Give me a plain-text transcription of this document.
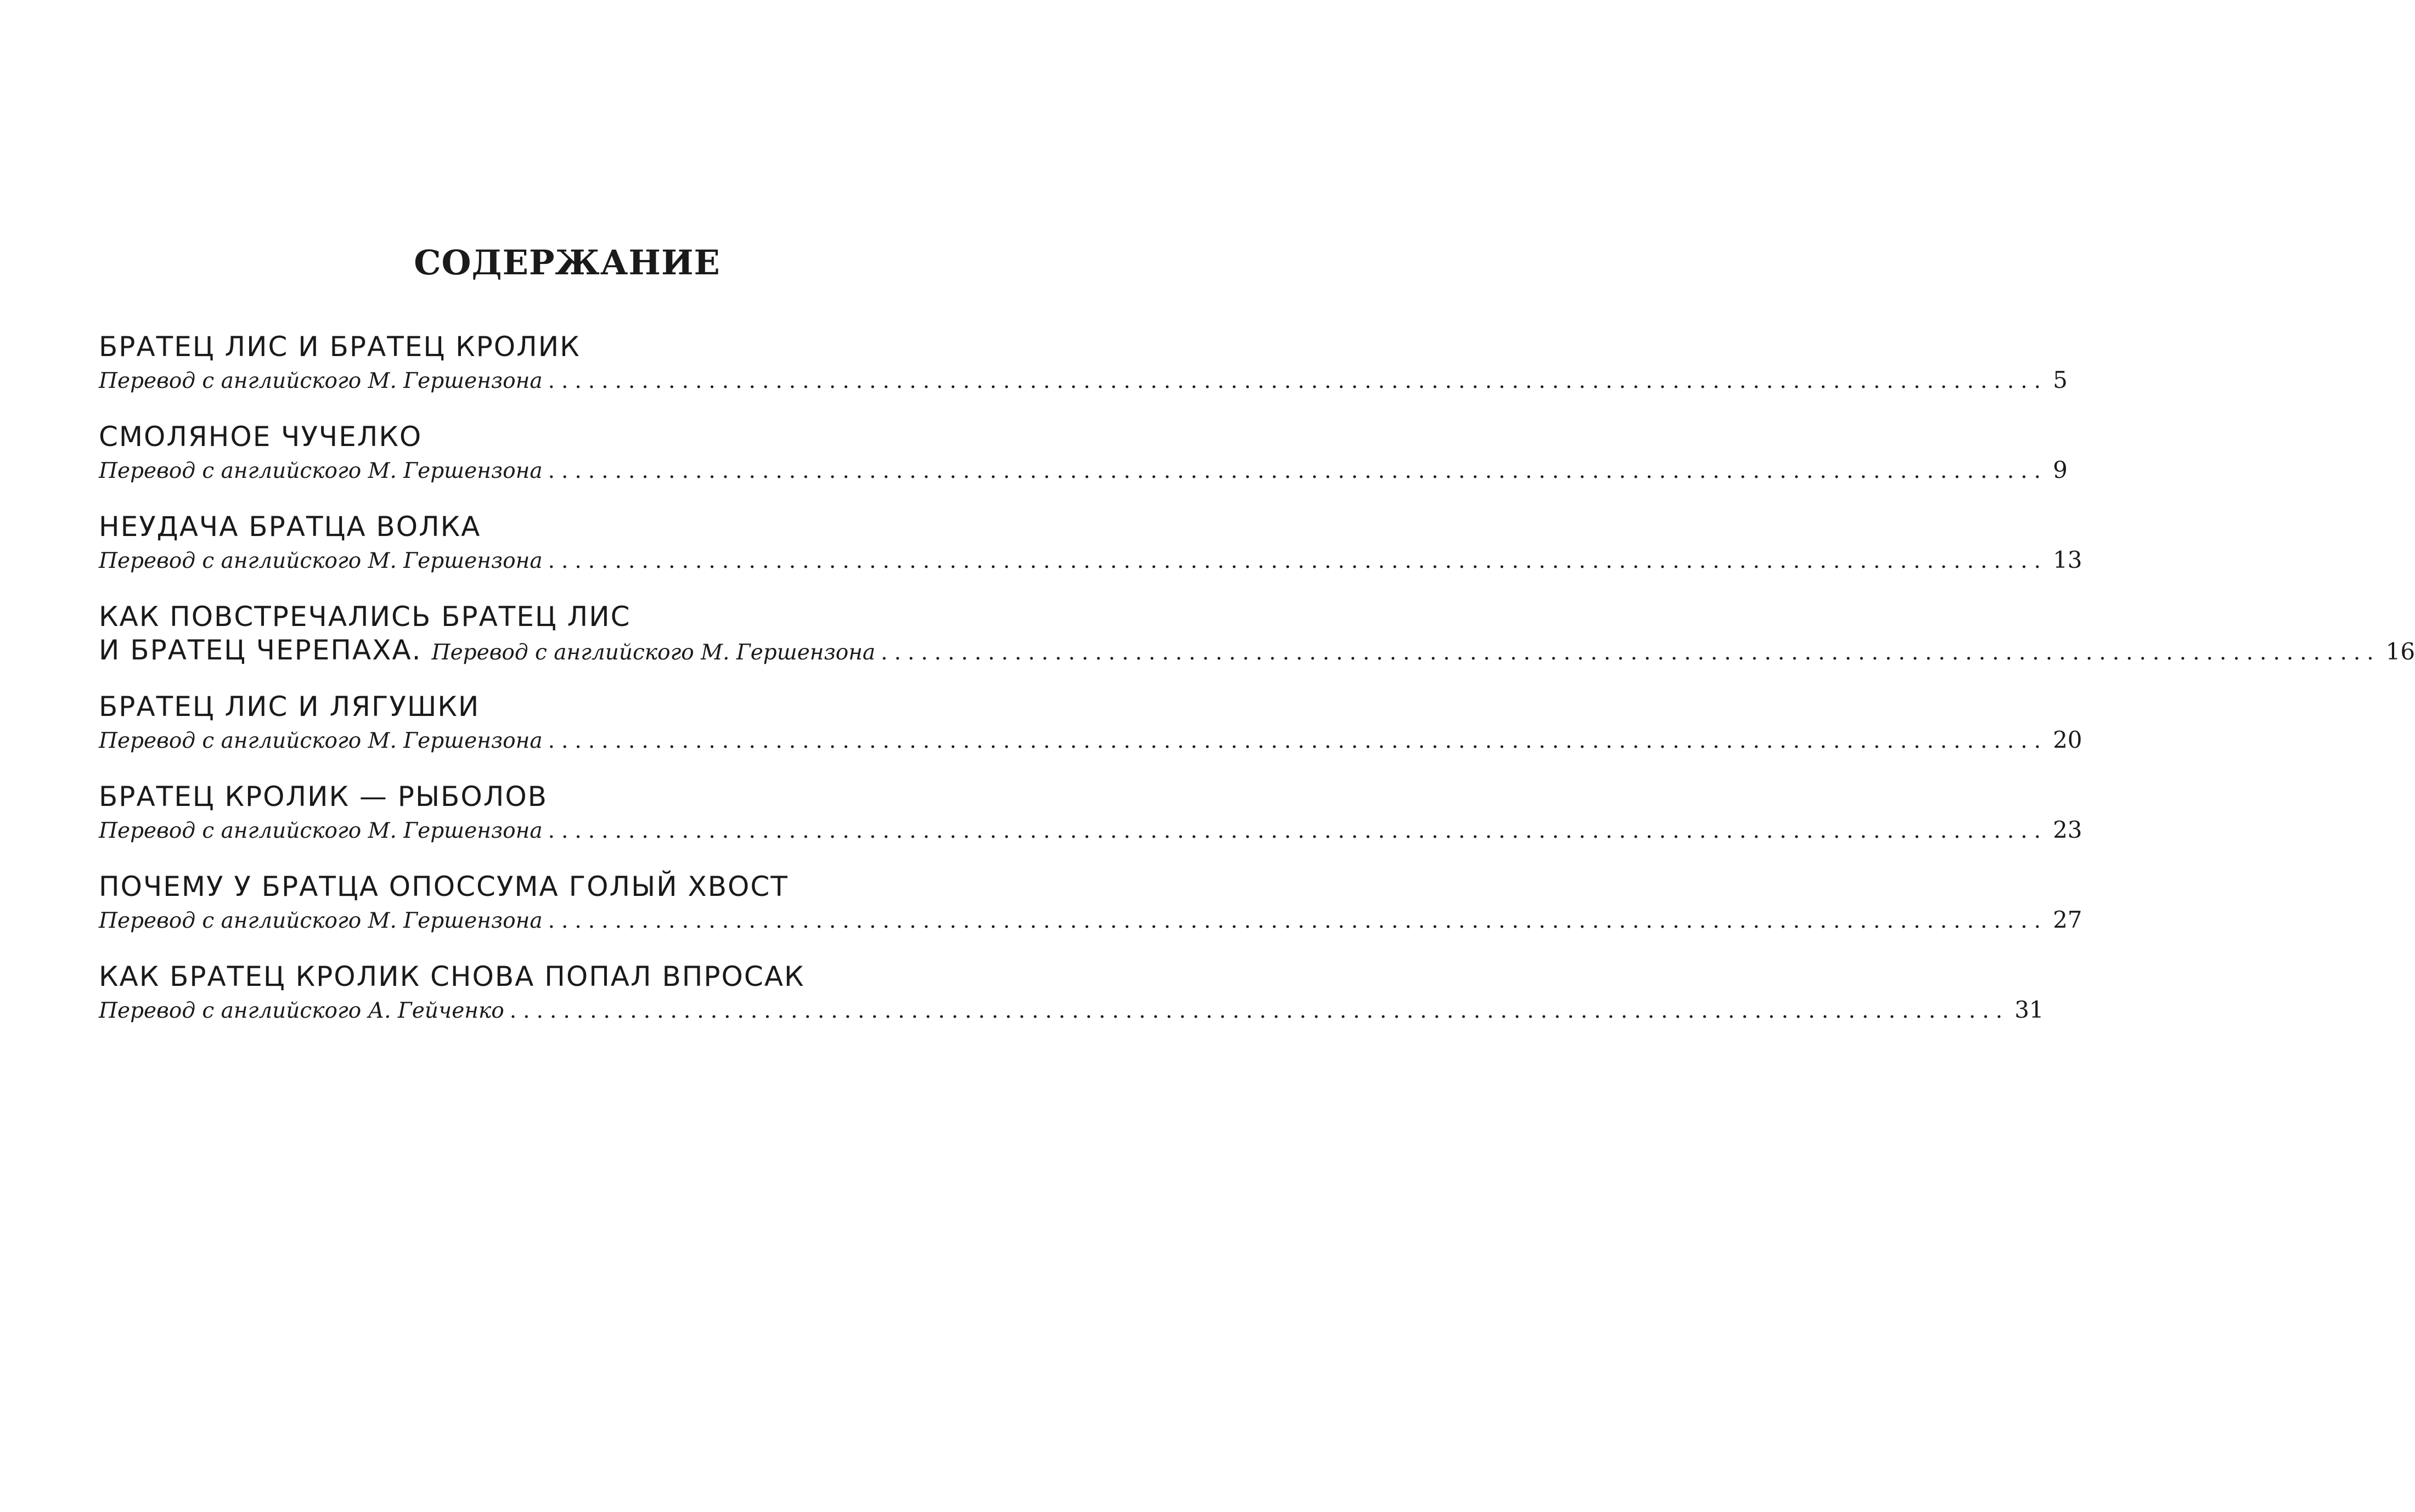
СОДЕРЖАНИЕ
БРАТЕЦ ЛИС И БРАТЕЦ КРОЛИК
Перевод с английского М. Гершензона ................................................................................................................ 5
СМОЛЯНОЕ ЧУЧЕЛКО
Перевод с английского М. Гершензона ................................................................................................................ 9
НЕУДАЧА БРАТЦА ВОЛКА
Перевод с английского М. Гершензона ................................................................................................................ 13
КАК ПОВСТРЕЧАЛИСЬ БРАТЕЦ ЛИС
И БРАТЕЦ ЧЕРЕПАХА. Перевод с английского М. Гершензона ................................................................................................................ 16
БРАТЕЦ ЛИС И ЛЯГУШКИ
Перевод с английского М. Гершензона ................................................................................................................ 20
БРАТЕЦ КРОЛИК — РЫБОЛОВ
Перевод с английского М. Гершензона ................................................................................................................ 23
ПОЧЕМУ У БРАТЦА ОПОССУМА ГОЛЫЙ ХВОСТ
Перевод с английского М. Гершензона ................................................................................................................ 27
КАК БРАТЕЦ КРОЛИК СНОВА ПОПАЛ ВПРОСАК
Перевод с английского А. Гейченко ................................................................................................................ 31
